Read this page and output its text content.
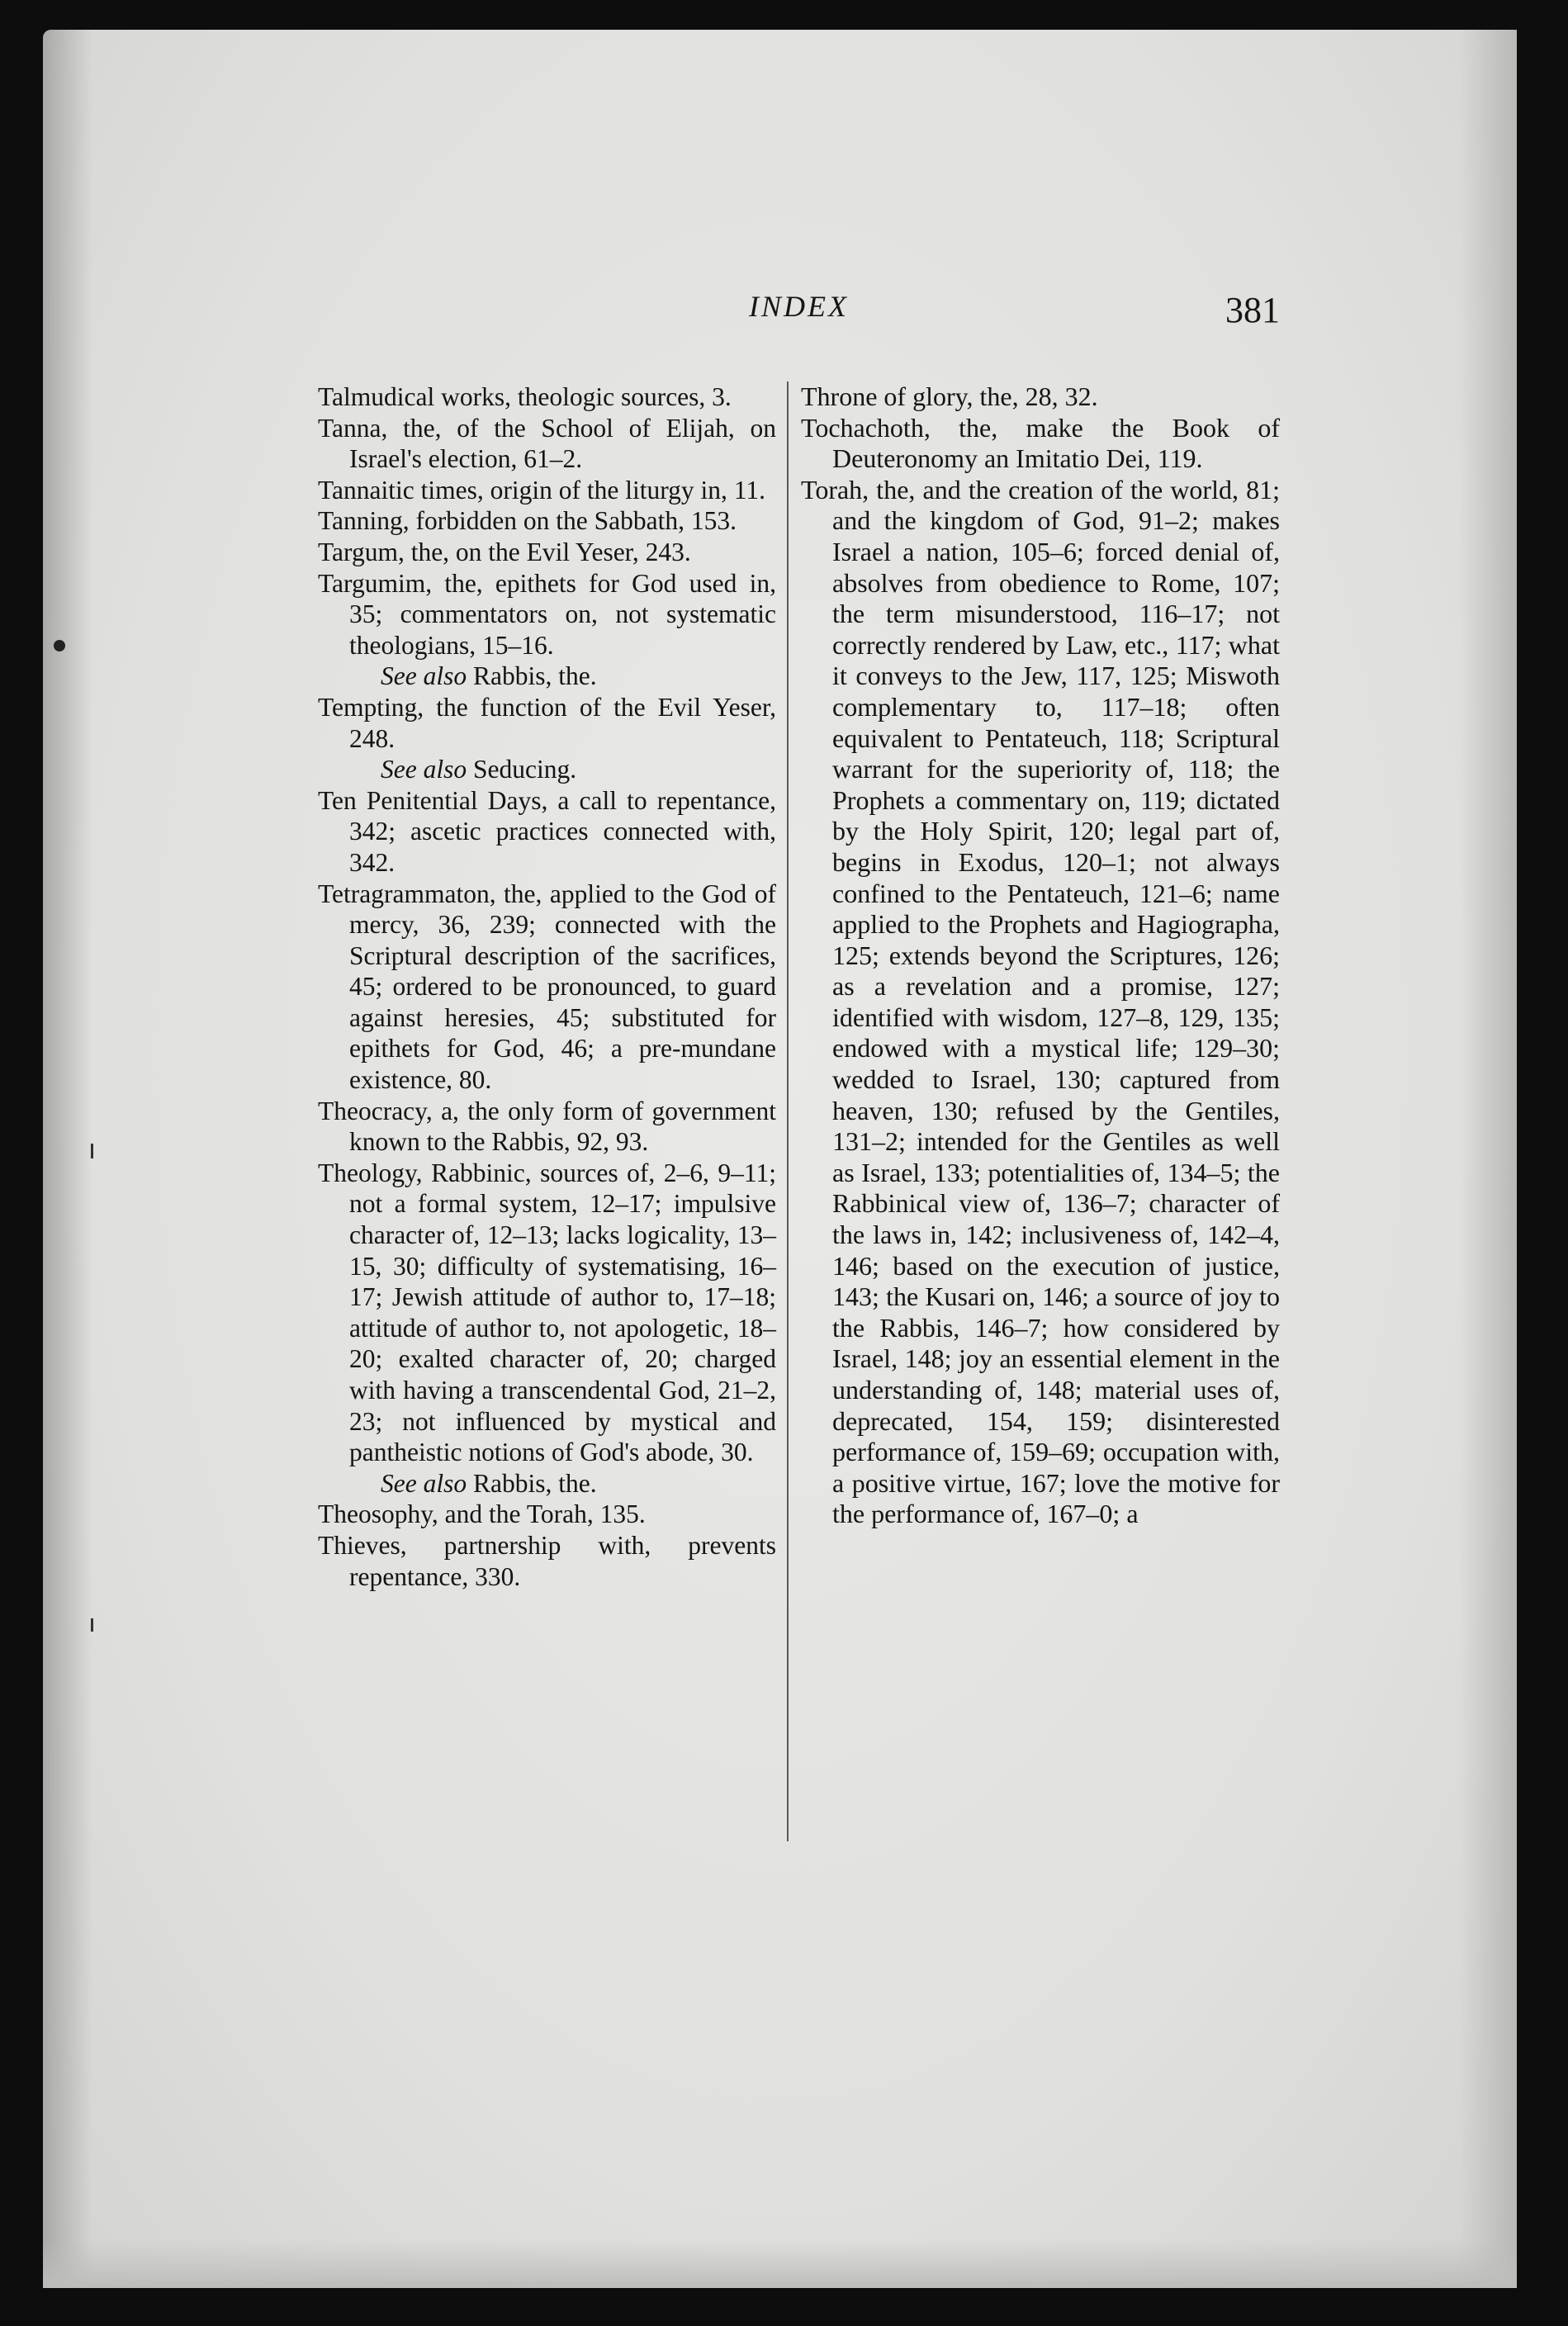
INDEX	381

Talmudical works, theologic sources, 3.

Tanna, the, of the School of Elijah, on Israel's election, 61–2.

Tannaitic times, origin of the liturgy in, 11.

Tanning, forbidden on the Sabbath, 153.

Targum, the, on the Evil Yeser, 243.

Targumim, the, epithets for God used in, 35; commentators on, not systematic theologians, 15–16.

See also Rabbis, the.

Tempting, the function of the Evil Yeser, 248.

See also Seducing.

Ten Penitential Days, a call to repentance, 342; ascetic practices connected with, 342.

Tetragrammaton, the, applied to the God of mercy, 36, 239; connected with the Scriptural description of the sacrifices, 45; ordered to be pronounced, to guard against heresies, 45; substituted for epithets for God, 46; a pre-mundane existence, 80.

Theocracy, a, the only form of government known to the Rabbis, 92, 93.

Theology, Rabbinic, sources of, 2–6, 9–11; not a formal system, 12–17; impulsive character of, 12–13; lacks logicality, 13–15, 30; difficulty of systematising, 16–17; Jewish attitude of author to, 17–18; attitude of author to, not apologetic, 18–20; exalted character of, 20; charged with having a transcendental God, 21–2, 23; not influenced by mystical and pantheistic notions of God's abode, 30.

See also Rabbis, the.

Theosophy, and the Torah, 135.

Thieves, partnership with, prevents repentance, 330.

Throne of glory, the, 28, 32.

Tochachoth, the, make the Book of Deuteronomy an Imitatio Dei, 119.

Torah, the, and the creation of the world, 81; and the kingdom of God, 91–2; makes Israel a nation, 105–6; forced denial of, absolves from obedience to Rome, 107; the term misunderstood, 116–17; not correctly rendered by Law, etc., 117; what it conveys to the Jew, 117, 125; Miswoth complementary to, 117–18; often equivalent to Pentateuch, 118; Scriptural warrant for the superiority of, 118; the Prophets a commentary on, 119; dictated by the Holy Spirit, 120; legal part of, begins in Exodus, 120–1; not always confined to the Pentateuch, 121–6; name applied to the Prophets and Hagiographa, 125; extends beyond the Scriptures, 126; as a revelation and a promise, 127; identified with wisdom, 127–8, 129, 135; endowed with a mystical life; 129–30; wedded to Israel, 130; captured from heaven, 130; refused by the Gentiles, 131–2; intended for the Gentiles as well as Israel, 133; potentialities of, 134–5; the Rabbinical view of, 136–7; character of the laws in, 142; inclusiveness of, 142–4, 146; based on the execution of justice, 143; the Kusari on, 146; a source of joy to the Rabbis, 146–7; how considered by Israel, 148; joy an essential element in the understanding of, 148; material uses of, deprecated, 154, 159; disinterested performance of, 159–69; occupation with, a positive virtue, 167; love the motive for the performance of, 167–0; a
